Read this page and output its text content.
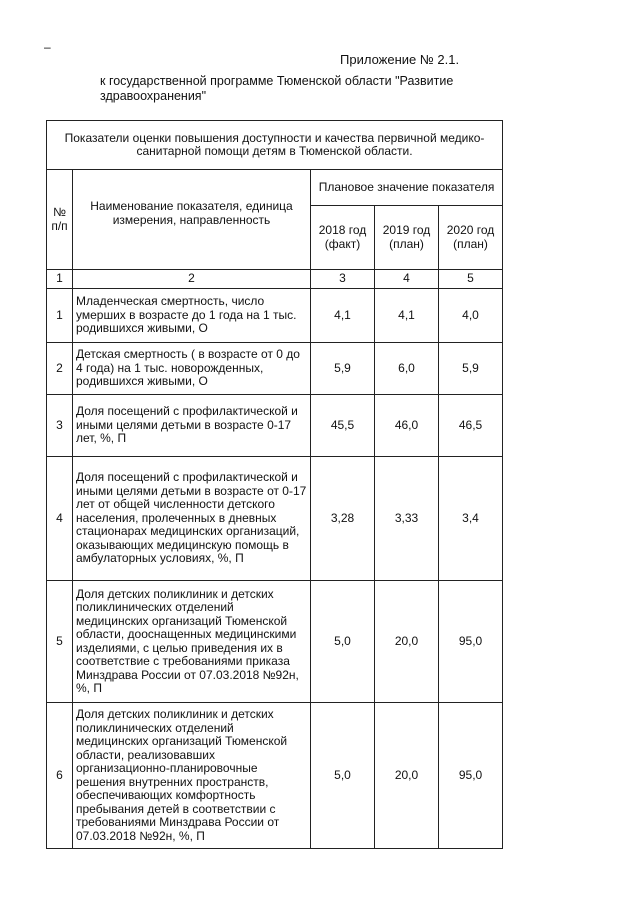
–
Приложение № 2.1.
к государственной программе Тюменской области "Развитие здравоохранения"
Показатели оценки повышения доступности и качества первичной медико-санитарной помощи детям в Тюменской области.				
№ п/п	Наименование показателя, единица измерения, направленность	Плановое значение показателя		
		2018 год (факт)	2019 год (план)	2020 год (план)
1	2	3	4	5
1	Младенческая смертность, число умерших в возрасте до 1 года на 1 тыс. родившихся живыми, О	4,1	4,1	4,0
2	Детская смертность ( в возрасте от 0 до 4 года) на 1 тыс. новорожденных, родившихся живыми, О	5,9	6,0	5,9
3	Доля посещений с профилактической и иными целями детьми в возрасте 0-17 лет, %, П	45,5	46,0	46,5
4	Доля посещений с профилактической и иными целями детьми в возрасте от 0-17 лет от общей численности детского населения, пролеченных в дневных стационарах медицинских организаций, оказывающих медицинскую помощь в амбулаторных условиях, %, П	3,28	3,33	3,4
5	Доля детских поликлиник и детских поликлинических отделений медицинских организаций Тюменской области, дооснащенных медицинскими изделиями, с целью приведения их в соответствие с требованиями приказа Минздрава России от 07.03.2018 №92н, %, П	5,0	20,0	95,0
6	Доля детских поликлиник и детских поликлинических отделений медицинских организаций Тюменской области, реализовавших организационно-планировочные решения внутренних пространств, обеспечивающих комфортность пребывания детей в соответствии с требованиями Минздрава России от 07.03.2018 №92н, %, П	5,0	20,0	95,0
